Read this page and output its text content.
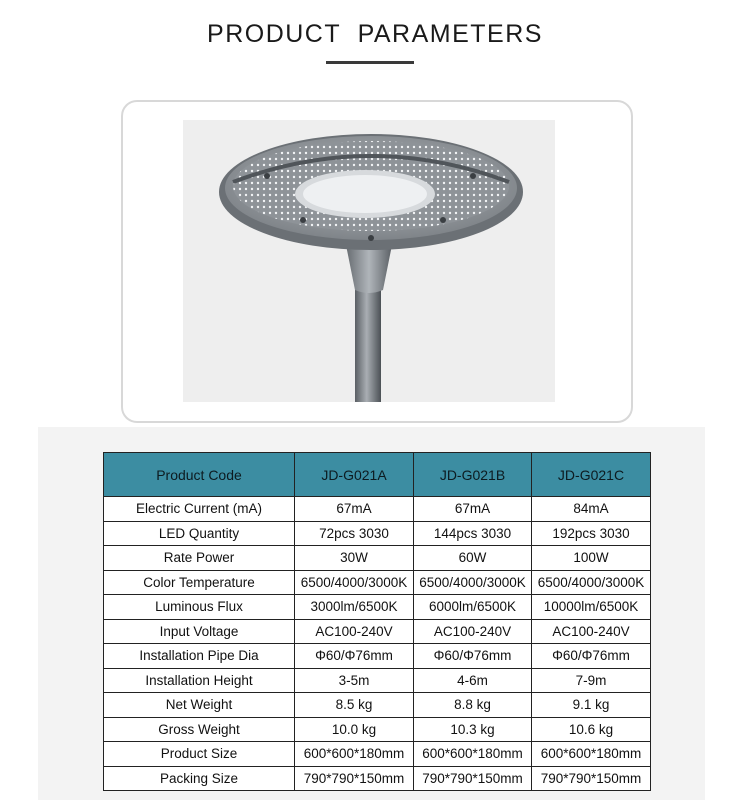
PRODUCT  PARAMETERS
Product Code	JD-G021A	JD-G021B	JD-G021C
Electric Current (mA)	67mA	67mA	84mA
LED Quantity	72pcs 3030	144pcs 3030	192pcs 3030
Rate Power	30W	60W	100W
Color Temperature	6500/4000/3000K	6500/4000/3000K	6500/4000/3000K
Luminous Flux	3000lm/6500K	6000lm/6500K	10000lm/6500K
Input Voltage	AC100-240V	AC100-240V	AC100-240V
Installation Pipe Dia	Φ60/Φ76mm	Φ60/Φ76mm	Φ60/Φ76mm
Installation Height	3-5m	4-6m	7-9m
Net Weight	8.5 kg	8.8 kg	9.1 kg
Gross Weight	10.0 kg	10.3 kg	10.6 kg
Product Size	600*600*180mm	600*600*180mm	600*600*180mm
Packing Size	790*790*150mm	790*790*150mm	790*790*150mm
